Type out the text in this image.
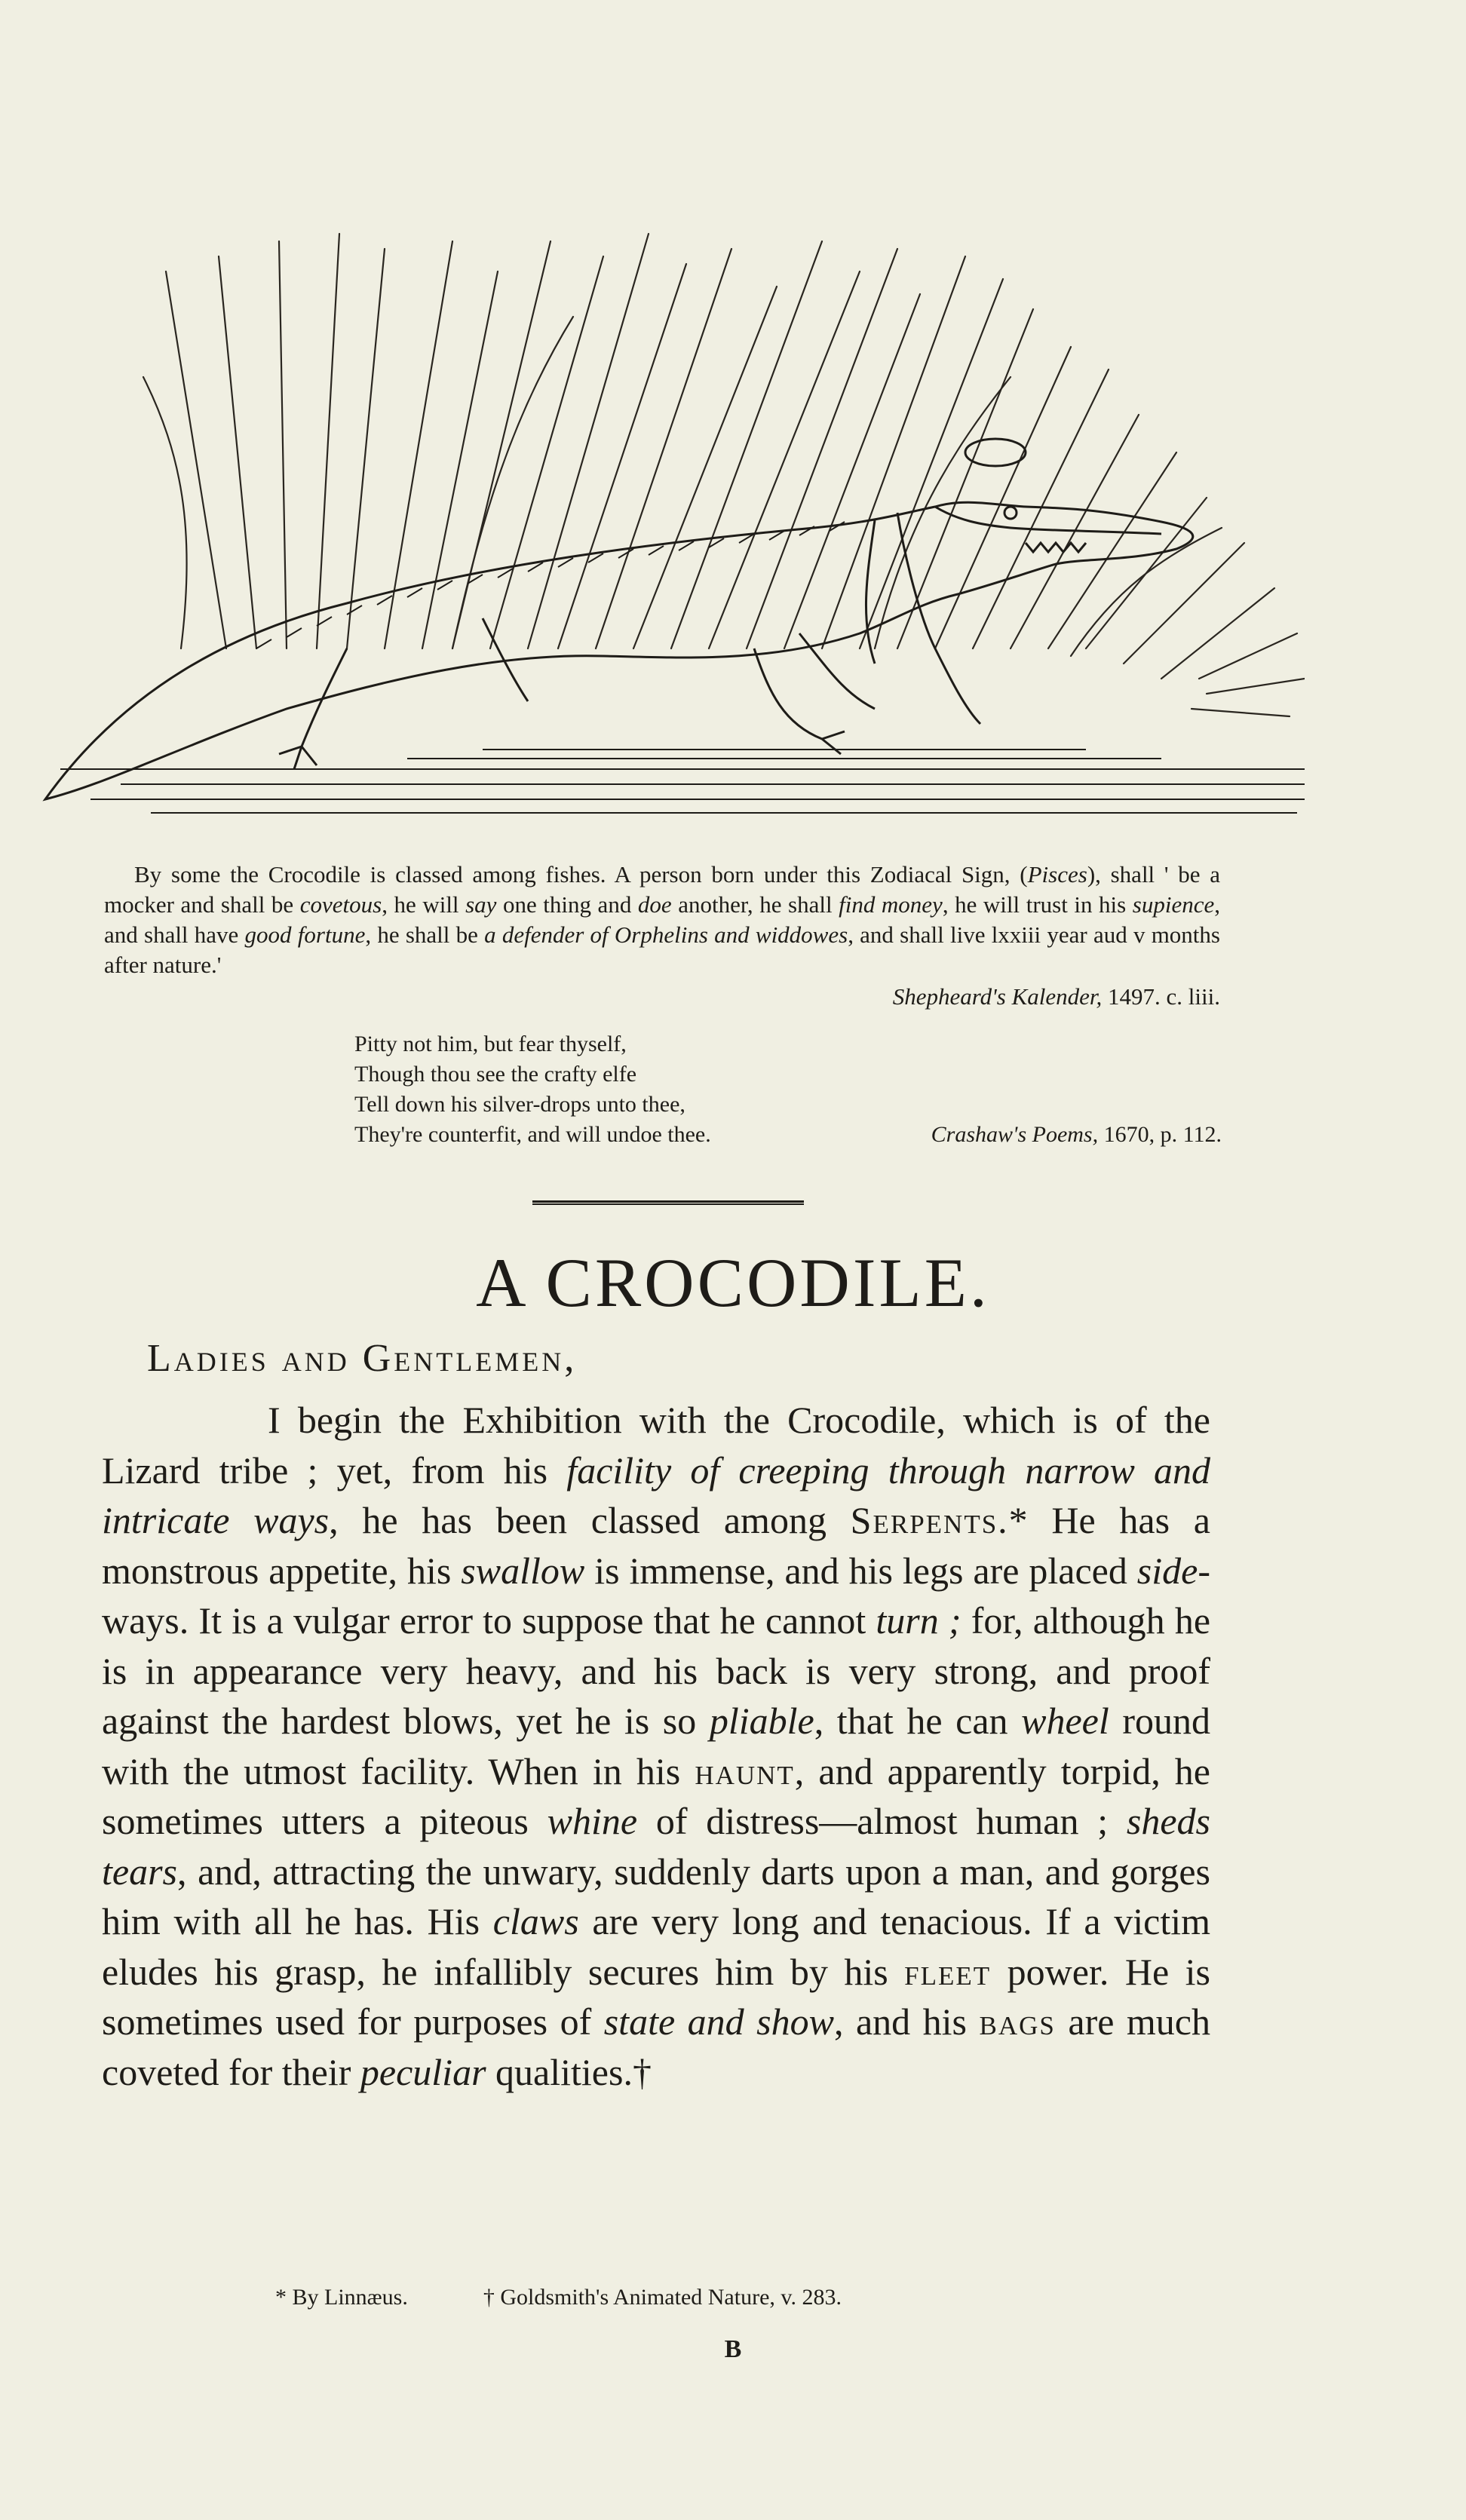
By some the Crocodile is classed among fishes. A person born under this Zodiacal Sign, (Pisces), shall ' be a mocker and shall be covetous, he will say one thing and doe another, he shall find money, he will trust in his supience, and shall have good fortune, he shall be a defender of Orphelins and widdowes, and shall live lxxiii year aud v months after nature.'

Shepheard's Kalender, 1497. c. liii.
Pitty not him, but fear thyself,
Though thou see the crafty elfe
Tell down his silver-drops unto thee,
They're counterfit, and will undoe thee.	Crashaw's Poems, 1670, p. 112.
A CROCODILE.
Ladies and Gentlemen,

I begin the Exhibition with the Crocodile, which is of the Lizard tribe ; yet, from his facility of creeping through narrow and intricate ways, he has been classed among Serpents.* He has a monstrous appetite, his swallow is immense, and his legs are placed side-ways. It is a vulgar error to suppose that he cannot turn ; for, although he is in appearance very heavy, and his back is very strong, and proof against the hardest blows, yet he is so pliable, that he can wheel round with the utmost facility. When in his haunt, and apparently torpid, he sometimes utters a piteous whine of distress—almost human ; sheds tears, and, attracting the unwary, suddenly darts upon a man, and gorges him with all he has. His claws are very long and tenacious. If a victim eludes his grasp, he infallibly secures him by his fleet power. He is sometimes used for purposes of state and show, and his bags are much coveted for their peculiar qualities.†

* By Linnæus.	† Goldsmith's Animated Nature, v. 283.
B
